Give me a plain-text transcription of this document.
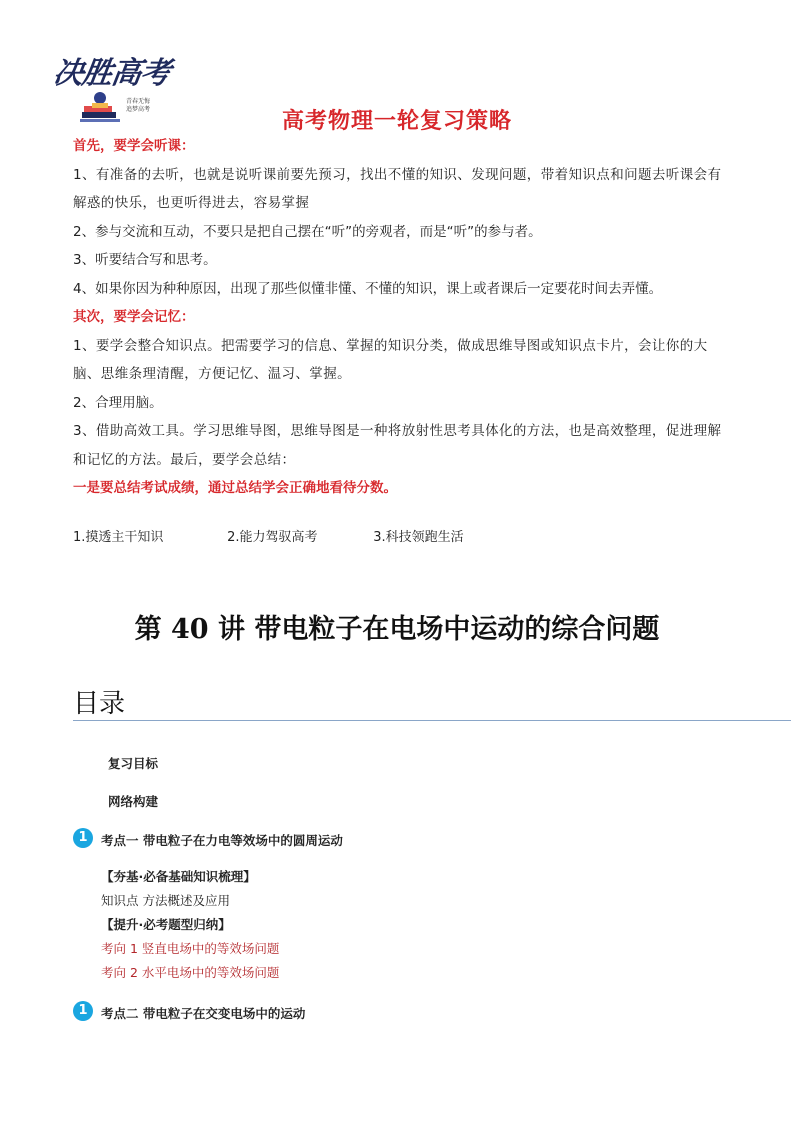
决胜高考
青春无悔
追梦高考	高考物理一轮复习策略
首先，要学会听课：
1、有准备的去听，也就是说听课前要先预习，找出不懂的知识、发现问题，带着知识点和问题去听课会有解惑的快乐，也更听得进去，容易掌握
2、参与交流和互动，不要只是把自己摆在“听”的旁观者，而是“听”的参与者。
3、听要结合写和思考。
4、如果你因为种种原因，出现了那些似懂非懂、不懂的知识，课上或者课后一定要花时间去弄懂。
其次，要学会记忆：
1、要学会整合知识点。把需要学习的信息、掌握的知识分类，做成思维导图或知识点卡片，会让你的大脑、思维条理清醒，方便记忆、温习、掌握。
2、合理用脑。
3、借助高效工具。学习思维导图，思维导图是一种将放射性思考具体化的方法，也是高效整理，促进理解和记忆的方法。最后，要学会总结：
一是要总结考试成绩，通过总结学会正确地看待分数。
1.摸透主干知识	2.能力驾驭高考	3.科技领跑生活
第 40 讲 带电粒子在电场中运动的综合问题
目录
复习目标
网络构建
1	考点一 带电粒子在力电等效场中的圆周运动
【夯基·必备基础知识梳理】
知识点 方法概述及应用
【提升·必考题型归纳】
考向 1 竖直电场中的等效场问题
考向 2 水平电场中的等效场问题
1	考点二 带电粒子在交变电场中的运动
